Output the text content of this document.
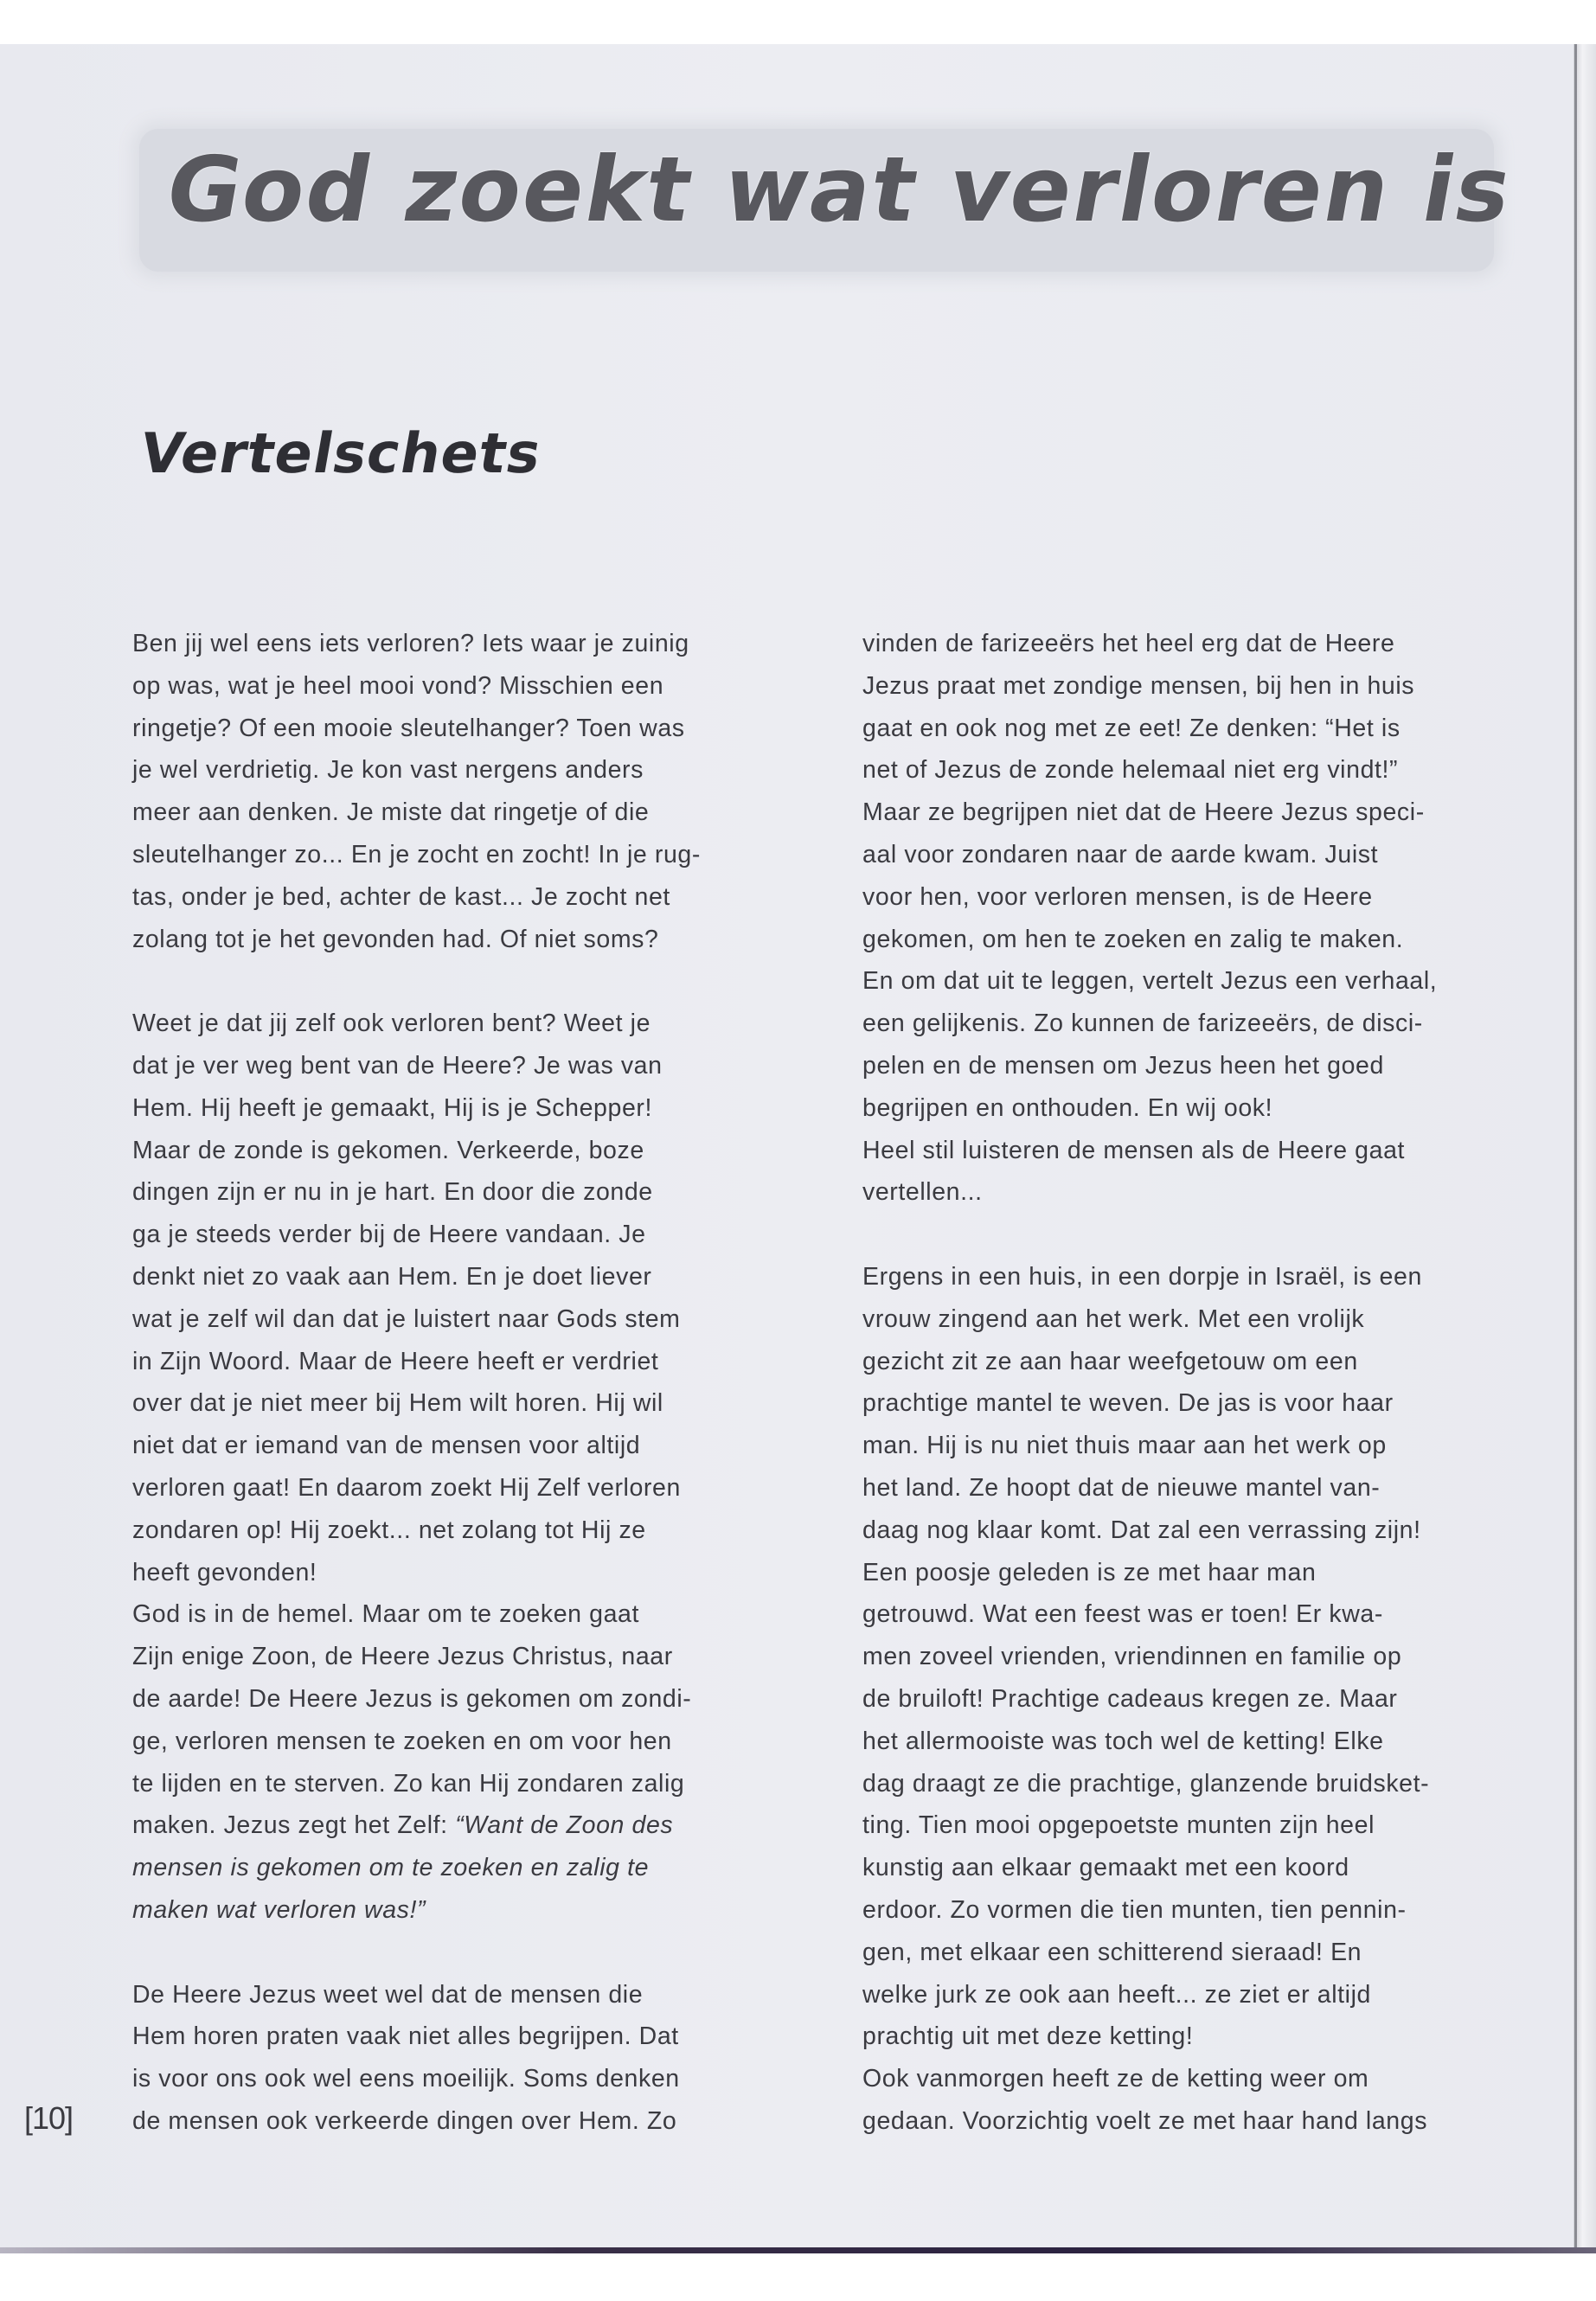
God zoekt wat verloren is
Vertelschets
Ben jij wel eens iets verloren? Iets waar je zuinig
op was, wat je heel mooi vond? Misschien een
ringetje? Of een mooie sleutelhanger? Toen was
je wel verdrietig. Je kon vast nergens anders
meer aan denken. Je miste dat ringetje of die
sleutelhanger zo... En je zocht en zocht! In je rug-
tas, onder je bed, achter de kast... Je zocht net
zolang tot je het gevonden had. Of niet soms?
Weet je dat jij zelf ook verloren bent? Weet je
dat je ver weg bent van de Heere? Je was van
Hem. Hij heeft je gemaakt, Hij is je Schepper!
Maar de zonde is gekomen. Verkeerde, boze
dingen zijn er nu in je hart. En door die zonde
ga je steeds verder bij de Heere vandaan. Je
denkt niet zo vaak aan Hem. En je doet liever
wat je zelf wil dan dat je luistert naar Gods stem
in Zijn Woord. Maar de Heere heeft er verdriet
over dat je niet meer bij Hem wilt horen. Hij wil
niet dat er iemand van de mensen voor altijd
verloren gaat! En daarom zoekt Hij Zelf verloren
zondaren op! Hij zoekt... net zolang tot Hij ze
heeft gevonden!
God is in de hemel. Maar om te zoeken gaat
Zijn enige Zoon, de Heere Jezus Christus, naar
de aarde! De Heere Jezus is gekomen om zondi-
ge, verloren mensen te zoeken en om voor hen
te lijden en te sterven. Zo kan Hij zondaren zalig
maken. Jezus zegt het Zelf: “Want de Zoon des
mensen is gekomen om te zoeken en zalig te
maken wat verloren was!”
De Heere Jezus weet wel dat de mensen die
Hem horen praten vaak niet alles begrijpen. Dat
is voor ons ook wel eens moeilijk. Soms denken
de mensen ook verkeerde dingen over Hem. Zo
vinden de farizeeërs het heel erg dat de Heere
Jezus praat met zondige mensen, bij hen in huis
gaat en ook nog met ze eet! Ze denken: “Het is
net of Jezus de zonde helemaal niet erg vindt!”
Maar ze begrijpen niet dat de Heere Jezus speci-
aal voor zondaren naar de aarde kwam. Juist
voor hen, voor verloren mensen, is de Heere
gekomen, om hen te zoeken en zalig te maken.
En om dat uit te leggen, vertelt Jezus een verhaal,
een gelijkenis. Zo kunnen de farizeeërs, de disci-
pelen en de mensen om Jezus heen het goed
begrijpen en onthouden. En wij ook!
Heel stil luisteren de mensen als de Heere gaat
vertellen...
Ergens in een huis, in een dorpje in Israël, is een
vrouw zingend aan het werk. Met een vrolijk
gezicht zit ze aan haar weefgetouw om een
prachtige mantel te weven. De jas is voor haar
man. Hij is nu niet thuis maar aan het werk op
het land. Ze hoopt dat de nieuwe mantel van-
daag nog klaar komt. Dat zal een verrassing zijn!
Een poosje geleden is ze met haar man
getrouwd. Wat een feest was er toen! Er kwa-
men zoveel vrienden, vriendinnen en familie op
de bruiloft! Prachtige cadeaus kregen ze. Maar
het allermooiste was toch wel de ketting! Elke
dag draagt ze die prachtige, glanzende bruidsket-
ting. Tien mooi opgepoetste munten zijn heel
kunstig aan elkaar gemaakt met een koord
erdoor. Zo vormen die tien munten, tien pennin-
gen, met elkaar een schitterend sieraad! En
welke jurk ze ook aan heeft... ze ziet er altijd
prachtig uit met deze ketting!
Ook vanmorgen heeft ze de ketting weer om
gedaan. Voorzichtig voelt ze met haar hand langs
[10]
